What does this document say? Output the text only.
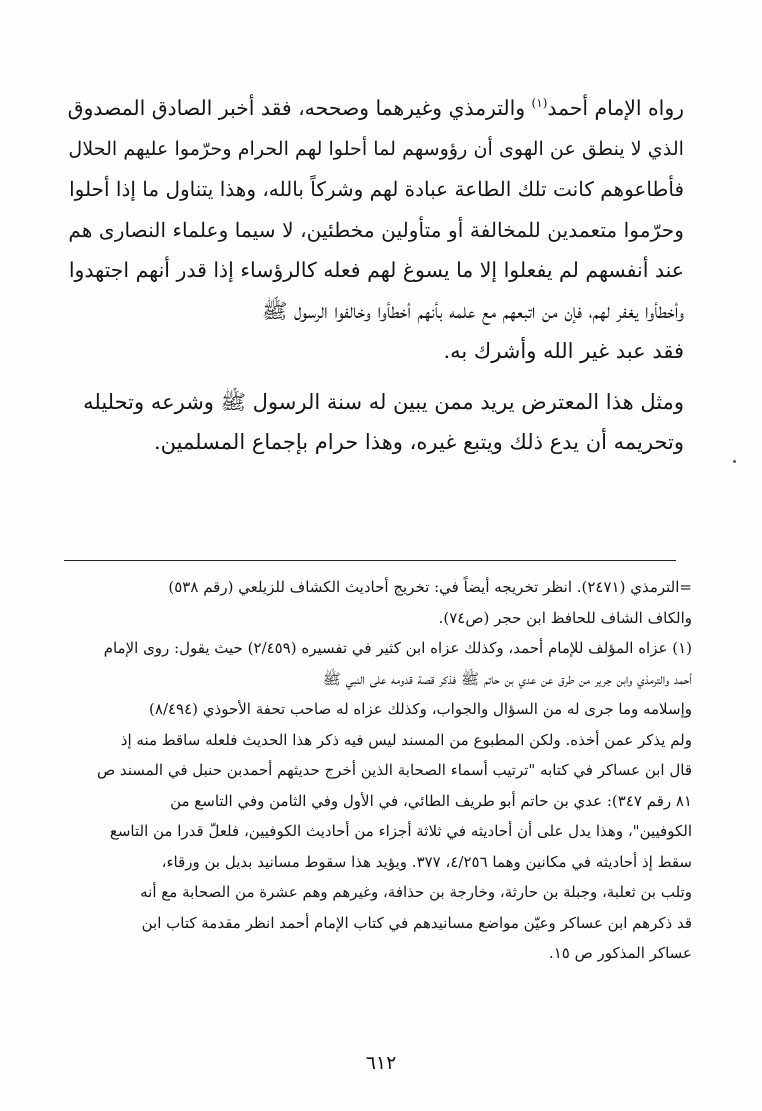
رواه الإمام أحمد$^{(١)}$ والترمذي وغيرهما وصححه، فقد أخبر الصادق المصدوق
الذي لا ينطق عن الهوى أن رؤوسهم لما أحلوا لهم الحرام وحرّموا عليهم الحلال
فأطاعوهم كانت تلك الطاعة عبادة لهم وشركاً بالله، وهذا يتناول ما إذا أحلوا
وحرّموا متعمدين للمخالفة أو متأولين مخطئين، لا سيما وعلماء النصارى هم
عند أنفسهم لم يفعلوا إلا ما يسوغ لهم فعله كالرؤساء إذا قدر أنهم اجتهدوا
وأخطأوا يغفر لهم، فإن من اتبعهم مع علمه بأنهم أخطأوا وخالفوا الرسول ﷺ
فقد عبد غير الله وأشرك به.
ومثل هذا المعترض يريد ممن يبين له سنة الرسول ﷺ وشرعه وتحليله
وتحريمه أن يدع ذلك ويتبع غيره، وهذا حرام بإجماع المسلمين.
=الترمذي (٢٤٧١). انظر تخريجه أيضاً في: تخريج أحاديث الكشاف للزيلعي (رقم ٥٣٨)
والكاف الشاف للحافظ ابن حجر (ص٧٤).
(١) عزاه المؤلف للإمام أحمد، وكذلك عزاه ابن كثير في تفسيره (٢/٤٥٩) حيث يقول: روى الإمام
أحمد والترمذي وابن جرير من طرق عن عدي بن حاتم ﷺ فذكر قصة قدومه على النبي ﷺ
وإسلامه وما جرى له من السؤال والجواب، وكذلك عزاه له صاحب تحفة الأحوذي (٨/٤٩٤)
ولم يذكر عمن أخذه. ولكن المطبوع من المسند ليس فيه ذكر هذا الحديث فلعله ساقط منه إذ
قال ابن عساكر في كتابه "ترتيب أسماء الصحابة الذين أخرج حديثهم أحمدبن حنبل في المسند ص
٨١ رقم ٣٤٧): عدي بن حاتم أبو طريف الطائي، في الأول وفي الثامن وفي التاسع من
الكوفيين"، وهذا يدل على أن أحاديثه في ثلاثة أجزاء من أحاديث الكوفيين، فلعلّ قدرا من التاسع
سقط إذ أحاديثه في مكانين وهما ٤/٢٥٦، ٣٧٧. ويؤيد هذا سقوط مسانيد بديل بن ورقاء،
وتلب بن ثعلبة، وجبلة بن حارثة، وخارجة بن حذافة، وغيرهم وهم عشرة من الصحابة مع أنه
قد ذكرهم ابن عساكر وعيّن مواضع مسانيدهم في كتاب الإمام أحمد انظر مقدمة كتاب ابن
عساكر المذكور ص ١٥.
٦١٢
